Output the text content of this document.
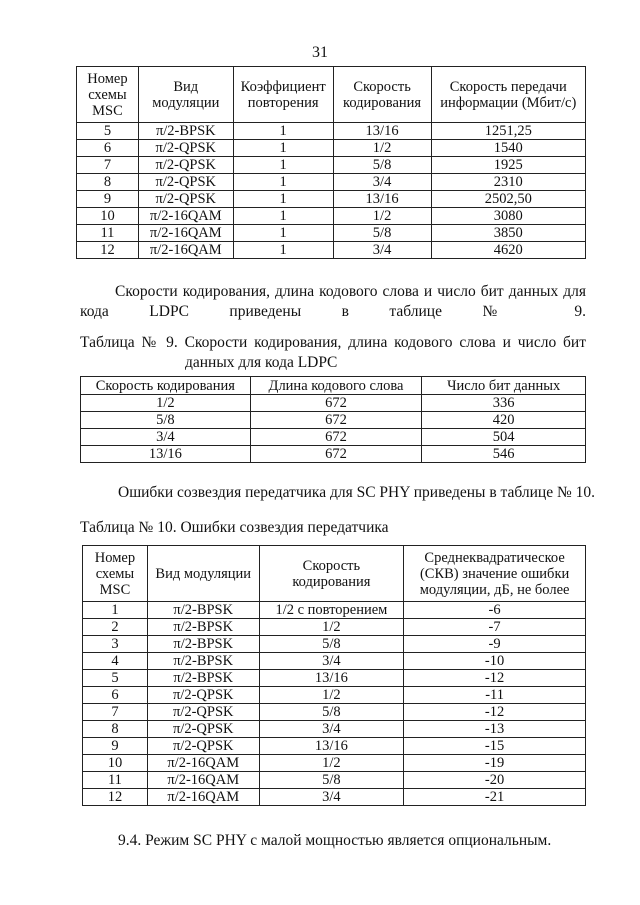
31
Номер схемы MSC	Вид модуляции	Коэффициент повторения	Скорость кодирования	Скорость передачи информации (Мбит/с)
5	π/2-BPSK	1	13/16	1251,25
6	π/2-QPSK	1	1/2	1540
7	π/2-QPSK	1	5/8	1925
8	π/2-QPSK	1	3/4	2310
9	π/2-QPSK	1	13/16	2502,50
10	π/2-16QAM	1	1/2	3080
11	π/2-16QAM	1	5/8	3850
12	π/2-16QAM	1	3/4	4620
Скорости кодирования, длина кодового слова и число бит данных для кода LDPC приведены в таблице № 9.
Таблица № 9. Скорости кодирования, длина кодового слова и число бит
данных для кода LDPC
Скорость кодирования	Длина кодового слова	Число бит данных
1/2	672	336
5/8	672	420
3/4	672	504
13/16	672	546
Ошибки созвездия передатчика для SC PHY приведены в таблице № 10.
Таблица № 10. Ошибки созвездия передатчика
Номер схемы MSC	Вид модуляции	Скорость кодирования	Среднеквадратическое (СКВ) значение ошибки модуляции, дБ, не более
1	π/2-BPSK	1/2 с повторением	-6
2	π/2-BPSK	1/2	-7
3	π/2-BPSK	5/8	-9
4	π/2-BPSK	3/4	-10
5	π/2-BPSK	13/16	-12
6	π/2-QPSK	1/2	-11
7	π/2-QPSK	5/8	-12
8	π/2-QPSK	3/4	-13
9	π/2-QPSK	13/16	-15
10	π/2-16QAM	1/2	-19
11	π/2-16QAM	5/8	-20
12	π/2-16QAM	3/4	-21
9.4. Режим SC PHY с малой мощностью является опциональным.
